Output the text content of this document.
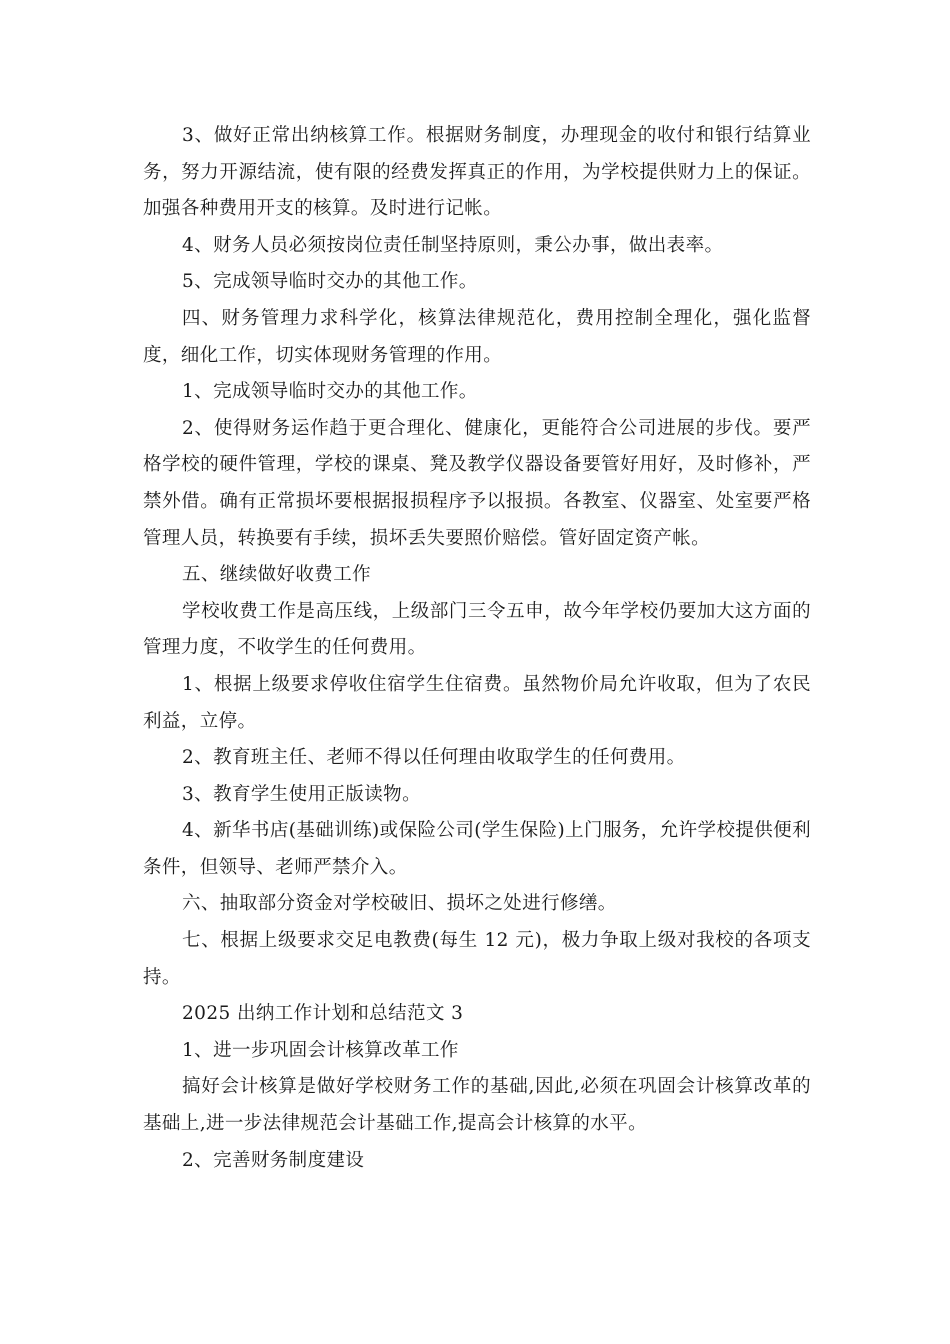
3、做好正常出纳核算工作。根据财务制度，办理现金的收付和银行结算业务，努力开源结流，使有限的经费发挥真正的作用，为学校提供财力上的保证。加强各种费用开支的核算。及时进行记帐。

4、财务人员必须按岗位责任制坚持原则，秉公办事，做出表率。

5、完成领导临时交办的其他工作。

四、财务管理力求科学化，核算法律规范化，费用控制全理化，强化监督度，细化工作，切实体现财务管理的作用。

1、完成领导临时交办的其他工作。

2、使得财务运作趋于更合理化、健康化，更能符合公司进展的步伐。要严格学校的硬件管理，学校的课桌、凳及教学仪器设备要管好用好，及时修补，严禁外借。确有正常损坏要根据报损程序予以报损。各教室、仪器室、处室要严格管理人员，转换要有手续，损坏丢失要照价赔偿。管好固定资产帐。

五、继续做好收费工作

学校收费工作是高压线，上级部门三令五申，故今年学校仍要加大这方面的管理力度，不收学生的任何费用。

1、根据上级要求停收住宿学生住宿费。虽然物价局允许收取，但为了农民利益，立停。

2、教育班主任、老师不得以任何理由收取学生的任何费用。

3、教育学生使用正版读物。

4、新华书店(基础训练)或保险公司(学生保险)上门服务，允许学校提供便利条件，但领导、老师严禁介入。

六、抽取部分资金对学校破旧、损坏之处进行修缮。

七、根据上级要求交足电教费(每生 12 元)，极力争取上级对我校的各项支持。

2025 出纳工作计划和总结范文 3

1、进一步巩固会计核算改革工作

搞好会计核算是做好学校财务工作的基础,因此,必须在巩固会计核算改革的基础上,进一步法律规范会计基础工作,提高会计核算的水平。

2、完善财务制度建设
